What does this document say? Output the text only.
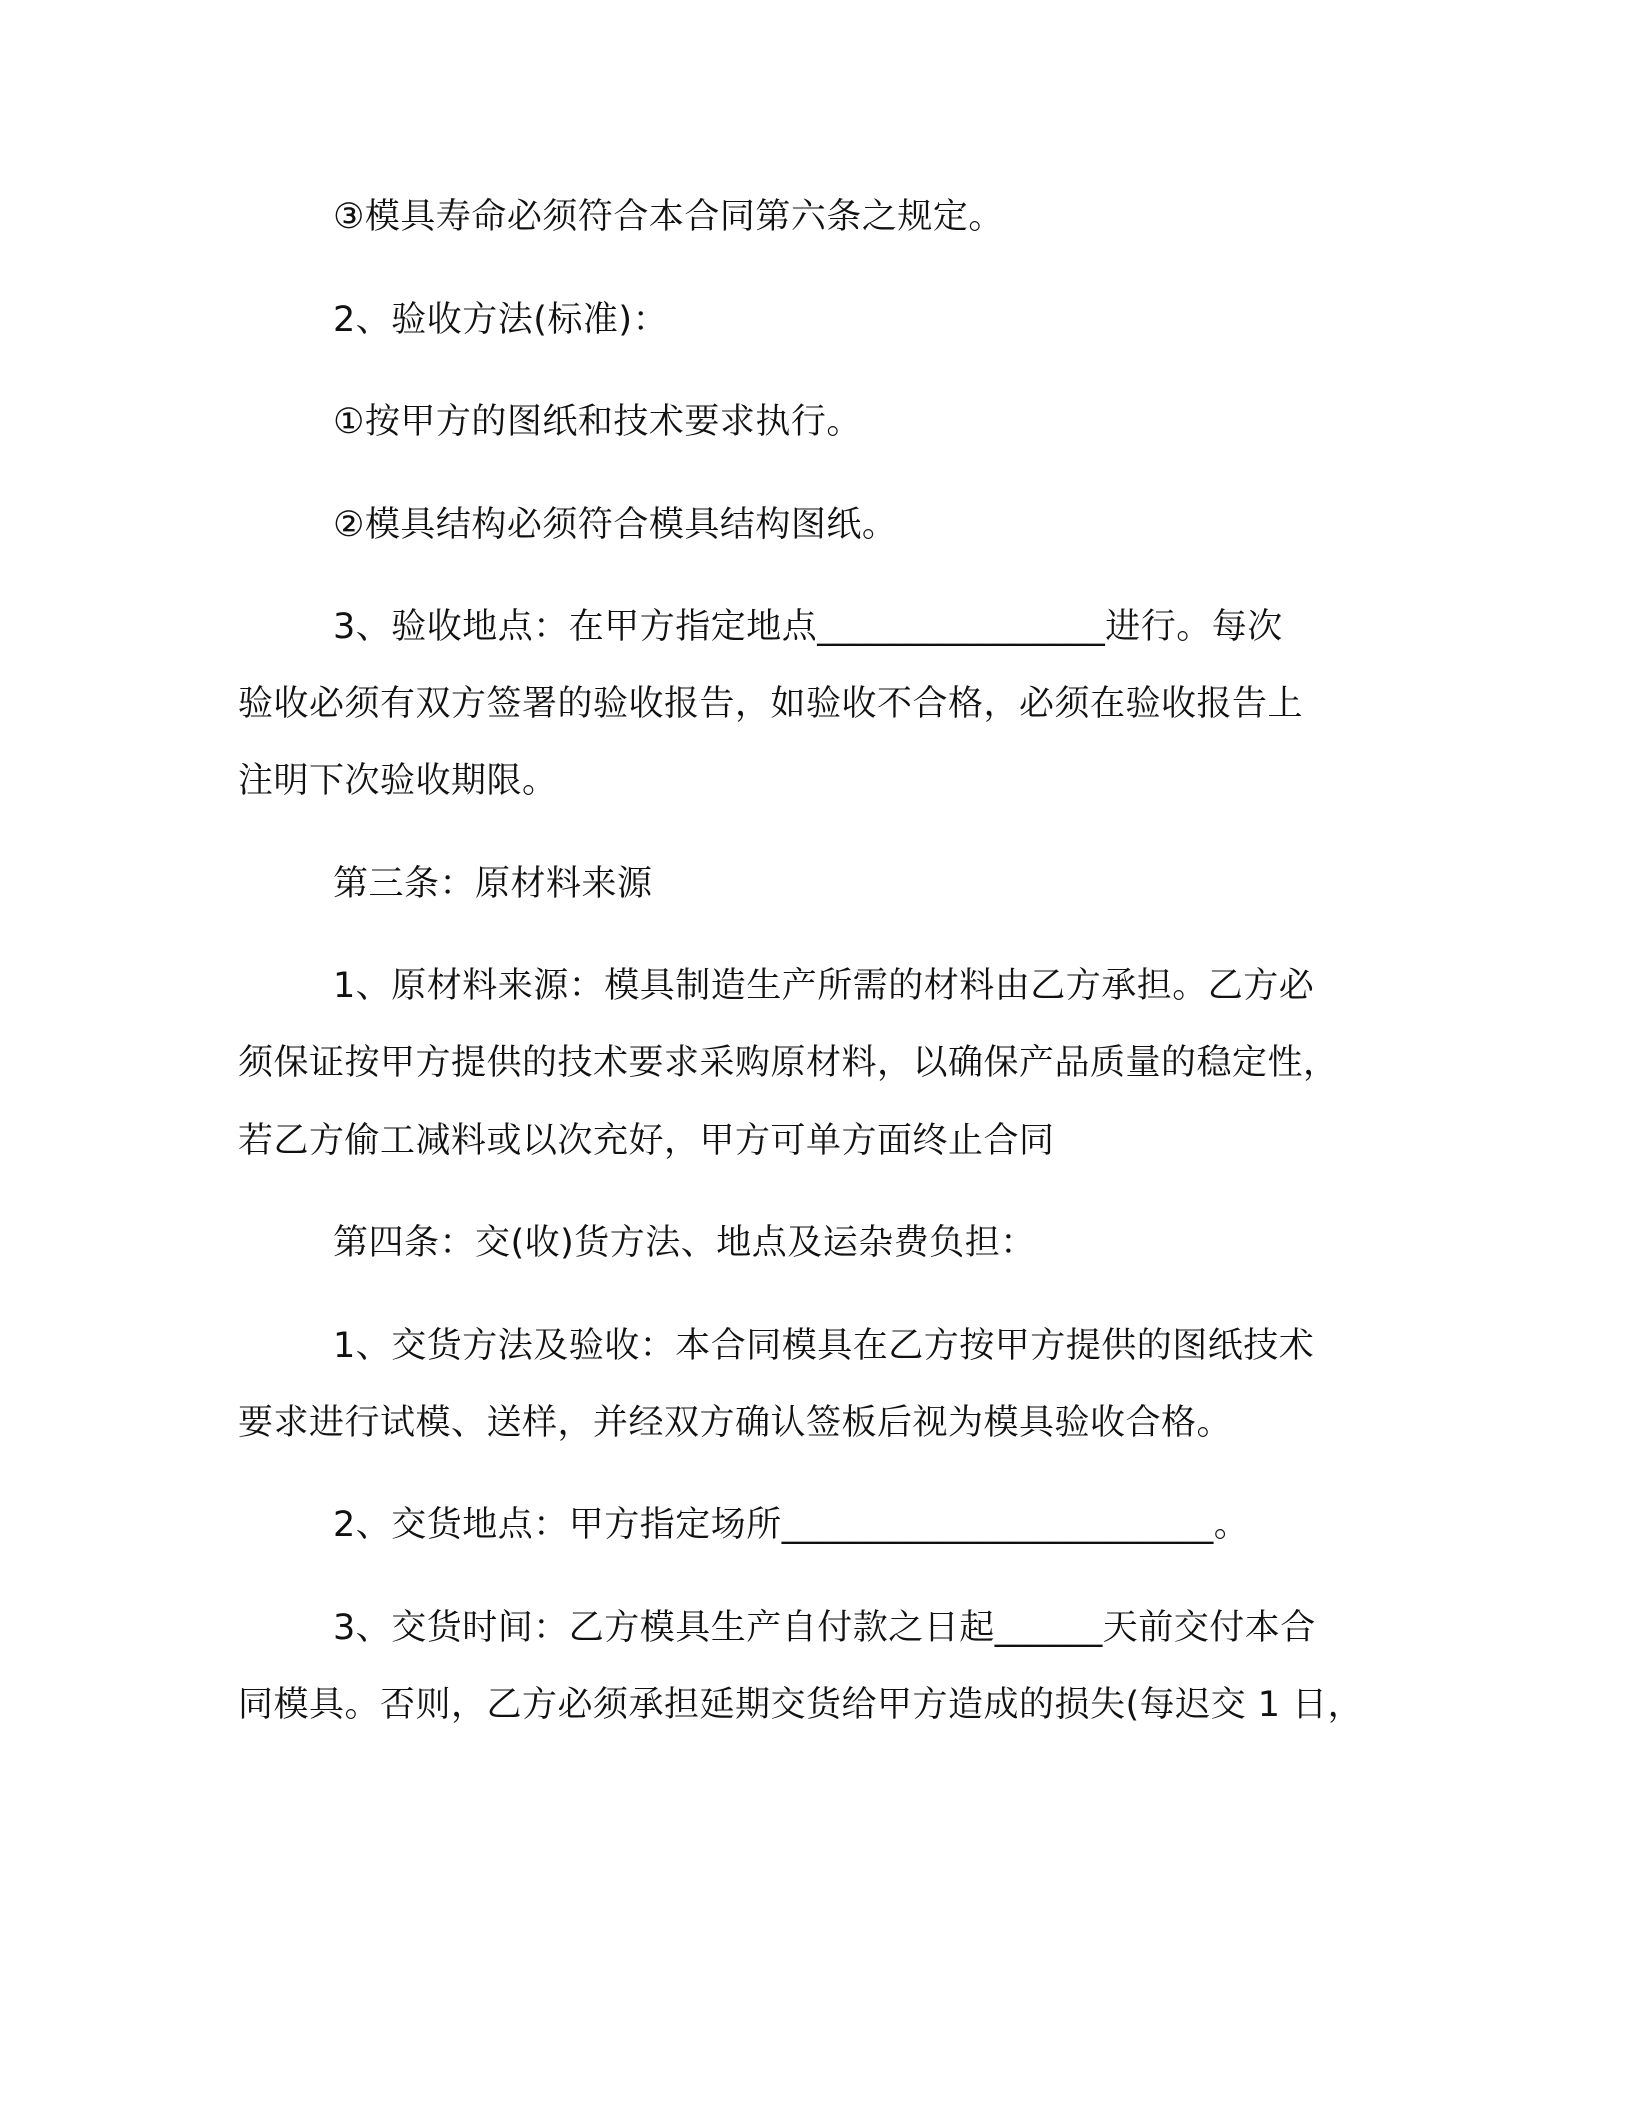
③模具寿命必须符合本合同第六条之规定。
2、验收方法(标准)：
①按甲方的图纸和技术要求执行。
②模具结构必须符合模具结构图纸。
3、验收地点：在甲方指定地点________________进行。每次
验收必须有双方签署的验收报告，如验收不合格，必须在验收报告上
注明下次验收期限。
第三条：原材料来源
1、原材料来源：模具制造生产所需的材料由乙方承担。乙方必
须保证按甲方提供的技术要求采购原材料，以确保产品质量的稳定性，
若乙方偷工减料或以次充好，甲方可单方面终止合同
第四条：交(收)货方法、地点及运杂费负担：
1、交货方法及验收：本合同模具在乙方按甲方提供的图纸技术
要求进行试模、送样，并经双方确认签板后视为模具验收合格。
2、交货地点：甲方指定场所________________________。
3、交货时间：乙方模具生产自付款之日起______天前交付本合
同模具。否则，乙方必须承担延期交货给甲方造成的损失(每迟交 1 日，
